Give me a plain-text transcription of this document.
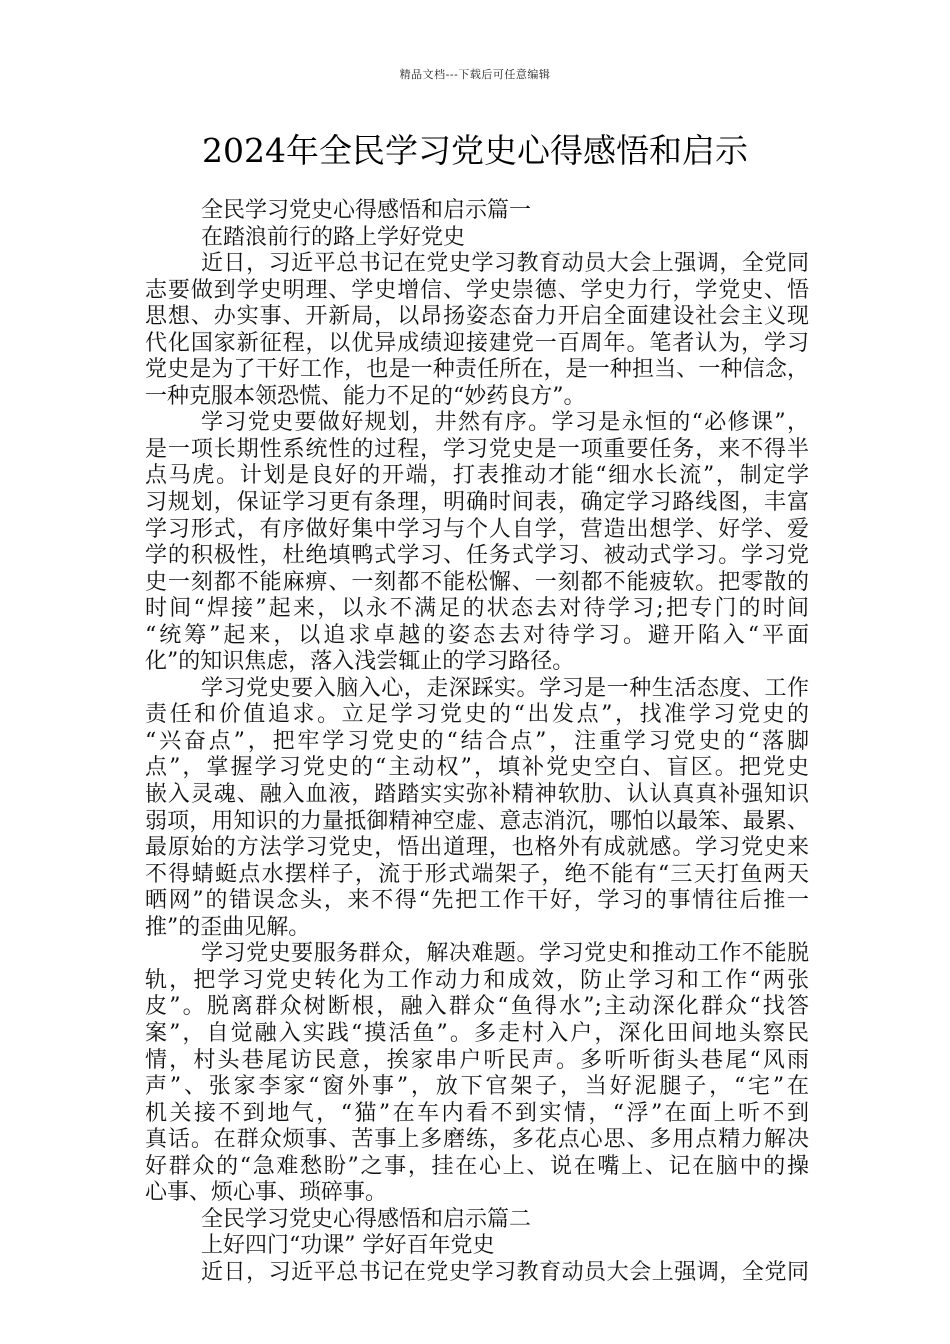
精品文档---下载后可任意编辑
2024年全民学习党史心得感悟和启示
全民学习党史心得感悟和启示篇一
在踏浪前行的路上学好党史
近日，习近平总书记在党史学习教育动员大会上强调，全党同
志要做到学史明理、学史增信、学史崇德、学史力行，学党史、悟
思想、办实事、开新局，以昂扬姿态奋力开启全面建设社会主义现
代化国家新征程，以优异成绩迎接建党一百周年。笔者认为，学习
党史是为了干好工作，也是一种责任所在，是一种担当、一种信念，
一种克服本领恐慌、能力不足的“妙药良方”。
学习党史要做好规划，井然有序。学习是永恒的“必修课”，
是一项长期性系统性的过程，学习党史是一项重要任务，来不得半
点马虎。计划是良好的开端，打表推动才能“细水长流”，制定学
习规划，保证学习更有条理，明确时间表，确定学习路线图，丰富
学习形式，有序做好集中学习与个人自学，营造出想学、好学、爱
学的积极性，杜绝填鸭式学习、任务式学习、被动式学习。学习党
史一刻都不能麻痹、一刻都不能松懈、一刻都不能疲软。把零散的
时间“焊接”起来，以永不满足的状态去对待学习;把专门的时间
“统筹”起来，以追求卓越的姿态去对待学习。避开陷入“平面
化”的知识焦虑，落入浅尝辄止的学习路径。
学习党史要入脑入心，走深踩实。学习是一种生活态度、工作
责任和价值追求。立足学习党史的“出发点”，找准学习党史的
“兴奋点”，把牢学习党史的“结合点”，注重学习党史的“落脚
点”，掌握学习党史的“主动权”，填补党史空白、盲区。把党史
嵌入灵魂、融入血液，踏踏实实弥补精神软肋、认认真真补强知识
弱项，用知识的力量抵御精神空虚、意志消沉，哪怕以最笨、最累、
最原始的方法学习党史，悟出道理，也格外有成就感。学习党史来
不得蜻蜓点水摆样子，流于形式端架子，绝不能有“三天打鱼两天
晒网”的错误念头，来不得“先把工作干好，学习的事情往后推一
推”的歪曲见解。
学习党史要服务群众，解决难题。学习党史和推动工作不能脱
轨，把学习党史转化为工作动力和成效，防止学习和工作“两张
皮”。脱离群众树断根，融入群众“鱼得水”;主动深化群众“找答
案”，自觉融入实践“摸活鱼”。多走村入户，深化田间地头察民
情，村头巷尾访民意，挨家串户听民声。多听听街头巷尾“风雨
声”、张家李家“窗外事”，放下官架子，当好泥腿子，“宅”在
机关接不到地气，“猫”在车内看不到实情，“浮”在面上听不到
真话。在群众烦事、苦事上多磨练，多花点心思、多用点精力解决
好群众的“急难愁盼”之事，挂在心上、说在嘴上、记在脑中的操
心事、烦心事、琐碎事。
全民学习党史心得感悟和启示篇二
上好四门“功课” 学好百年党史
近日，习近平总书记在党史学习教育动员大会上强调，全党同
